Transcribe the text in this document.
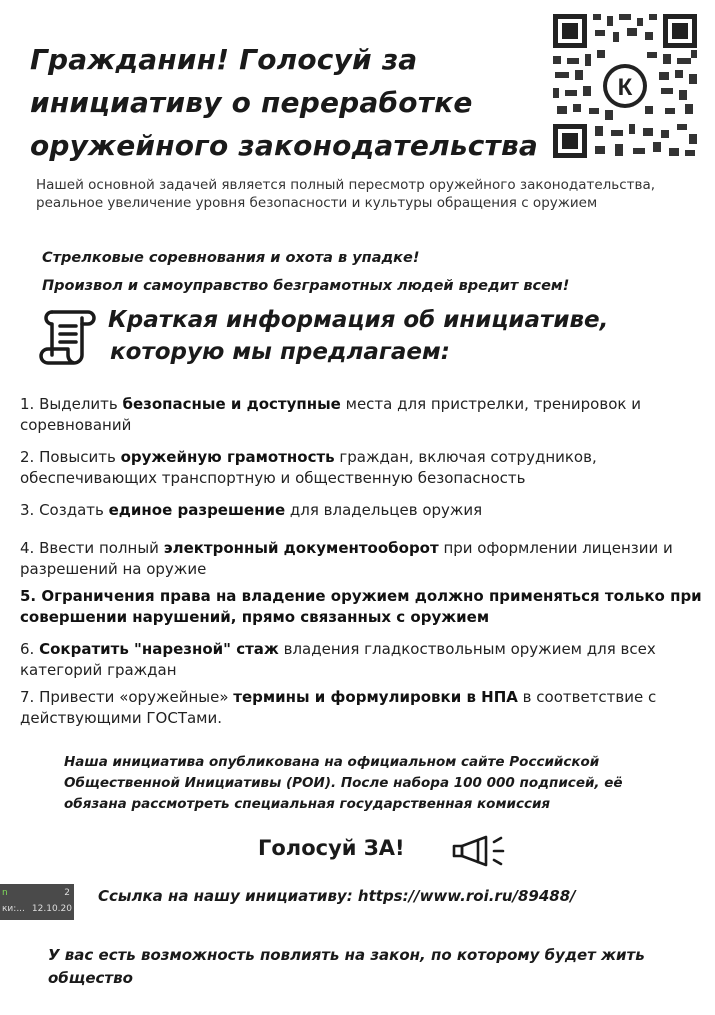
Гражданин! Голосуй за
инициативу о переработке
оружейного законодательства
К
Нашей основной задачей является полный пересмотр оружейного законодательства, реальное увеличение уровня безопасности и культуры обращения с оружием
Стрелковые соревнования и охота в упадке!
Произвол и самоуправство безграмотных людей вредит всем!
Краткая информация об инициативе,
которую мы предлагаем:
1. Выделить безопасные и доступные места для пристрелки, тренировок и соревнований
2. Повысить оружейную грамотность граждан, включая сотрудников, обеспечивающих транспортную и общественную безопасность
3. Создать единое разрешение для владельцев оружия
4. Ввести полный электронный документооборот при оформлении лицензии и разрешений на оружие
5. Ограничения права на владение оружием должно применяться только при совершении нарушений, прямо связанных с оружием
6. Сократить "нарезной" стаж владения гладкоствольным оружием для всех категорий граждан
7. Привести «оружейные» термины и формулировки в НПА в соответствие с действующими ГОСТами.
Наша инициатива опубликована на официальном сайте Российской Общественной Инициативы (РОИ). После набора 100 000 подписей, её обязана рассмотреть специальная государственная комиссия
Голосуй ЗА!
Ссылка на нашу инициативу: https://www.roi.ru/89488/
У вас есть возможность повлиять на закон, по которому будет жить общество
n	2
ки:... 12.10.20
